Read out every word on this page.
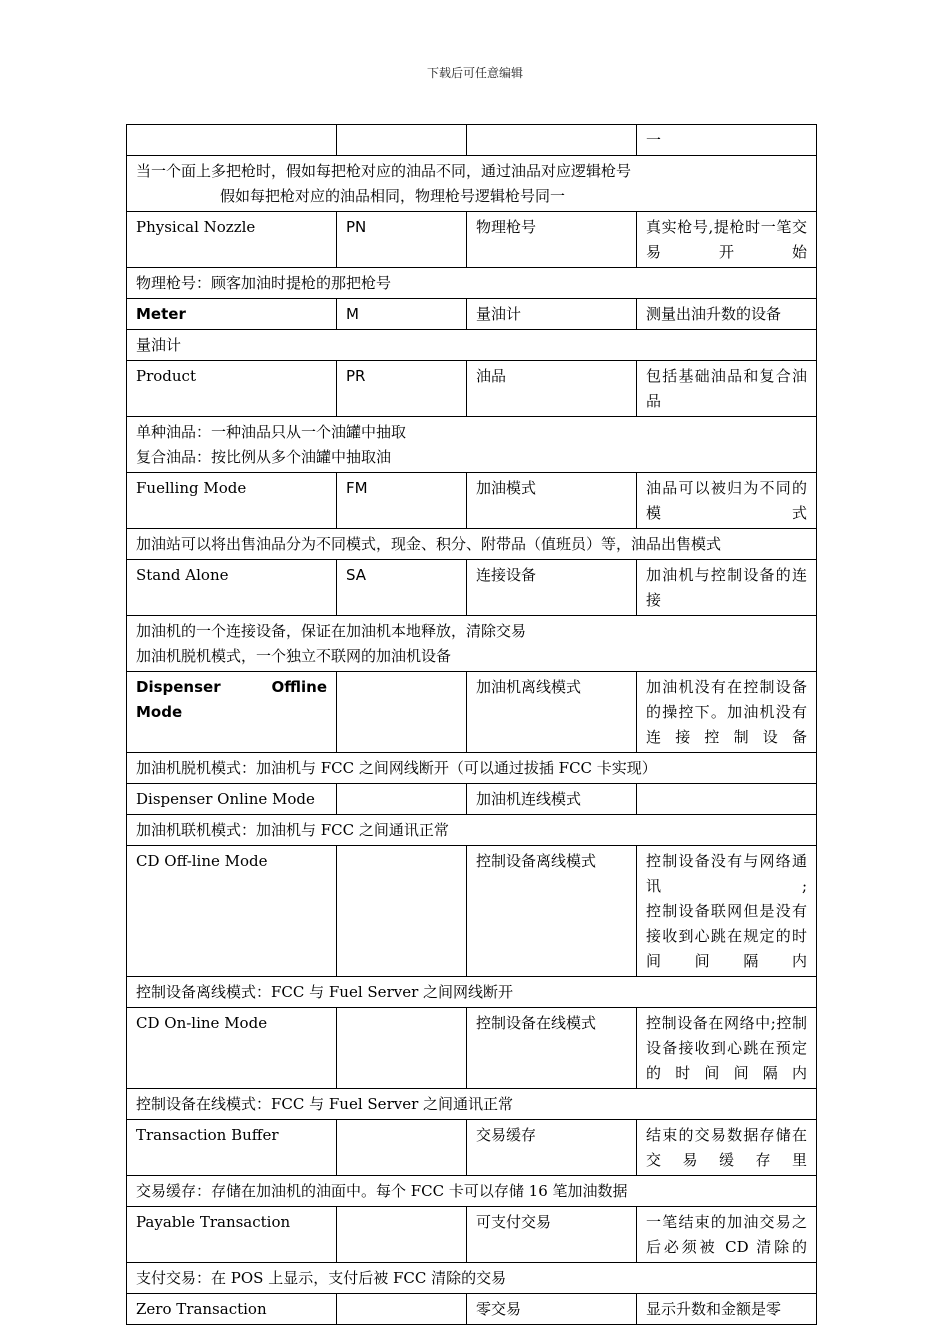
下载后可任意编辑
			一

当一个面上多把枪时，假如每把枪对应的油品不同，通过油品对应逻辑枪号
假如每把枪对应的油品相同，物理枪号逻辑枪号同一			

Physical Nozzle	PN	物理枪号	真实枪号,提枪时一笔交易开始
物理枪号：顾客加油时提枪的那把枪号			
Meter	M	量油计	测量出油升数的设备
量油计			
Product	PR	油品	包括基础油品和复合油品

单种油品：一种油品只从一个油罐中抽取
复合油品：按比例从多个油罐中抽取油			

Fuelling Mode	FM	加油模式	油品可以被归为不同的模式
加油站可以将出售油品分为不同模式，现金、积分、附带品（值班员）等，油品出售模式			
Stand Alone	SA	连接设备	加油机与控制设备的连接

加油机的一个连接设备，保证在加油机本地释放，清除交易
加油机脱机模式，一个独立不联网的加油机设备			

Dispenser Offline
Mode		加油机离线模式	加油机没有在控制设备的操控下。加油机没有连接控制设备
加油机脱机模式：加油机与 FCC 之间网线断开（可以通过拔插 FCC 卡实现）			
Dispenser Online Mode		加油机连线模式	
加油机联机模式：加油机与 FCC 之间通讯正常			
CD Off-line Mode		控制设备离线模式	控制设备没有与网络通讯;
控制设备联网但是没有接收到心跳在规定的时间间隔内

控制设备离线模式：FCC 与 Fuel Server 之间网线断开			
CD On-line Mode		控制设备在线模式	控制设备在网络中;控制设备接收到心跳在预定的时间间隔内
控制设备在线模式：FCC 与 Fuel Server 之间通讯正常			
Transaction Buffer		交易缓存	结束的交易数据存储在交易缓存里
交易缓存：存储在加油机的油面中。每个 FCC 卡可以存储 16 笔加油数据			
Payable Transaction		可支付交易	一笔结束的加油交易之后必须被 CD 清除的
支付交易：在 POS 上显示，支付后被 FCC 清除的交易			
Zero Transaction		零交易	显示升数和金额是零
